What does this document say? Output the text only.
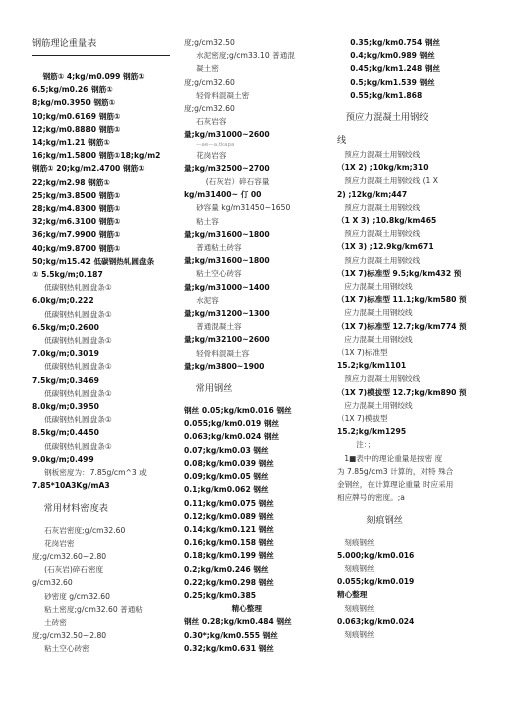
钢筋理论重量表
钢筋① 4;kg/m0.099 钢筋①
6.5;kg/m0.26 钢筋①
8;kg/m0.3950 钢筋①
10;kg/m0.6169 钢筋①
12;kg/m0.8880 钢筋①
14;kg/m1.21 钢筋①
16;kg/m1.5800 钢筋①18;kg/m2
钢筋① 20;kg/m2.4700 钢筋①
22;kg/m2.98 钢筋①
25;kg/m3.8500 钢筋①
28;kg/m4.8300 钢筋①
32;kg/m6.3100 钢筋①
36;kg/m7.9900 钢筋①
40;kg/m9.8700 钢筋①
50;kg/m15.42 低碳钢热轧圆盘条
① 5.5kg/m;0.187
低碳钢热轧圆盘条①
6.0kg/m;0.222
低碳钢热轧圆盘条①
6.5kg/m;0.2600
低碳钢热轧圆盘条①
7.0kg/m;0.3019
低碳钢热轧圆盘条①
7.5kg/m;0.3469
低碳钢热轧圆盘条①
8.0kg/m;0.3950
低碳钢热轧圆盘条①
8.5kg/m;0.4450
低碳钢热轧圆盘条①
9.0kg/m;0.499
钢板密度为：7.85g/cm^3 或
7.85*10A3Kg/mA3
常用材料密度表
石灰岩密度;g/cm32.60
花岗岩密
度;g/cm32.60~2.80
(石灰岩)碎石密度
g/cm32.60
砂密度 g/cm32.60
粘土密度;g/cm32.60 普通粘
土砖密
度;g/cm32.50~2.80
粘土空心砖密
度;g/cm32.50
水泥密度;g/cm33.10 普通混
凝土密
度;g/cm32.60
轻骨料混凝土密
度;g/cm32.60
石灰岩容
量;kg/m31000~2600
—ae—a,tkapa
花岗岩容
量;kg/m32500~2700
(石灰岩）碎石容量
kg/m31400~ 仃 00
砂容量 kg/m31450~1650
粘土容
量;kg/m31600~1800
普通粘土砖容
量;kg/m31600~1800
粘土空心砖容
量;kg/m31000~1400
水泥容
量;kg/m31200~1300
普通混凝土容
量;kg/m32100~2600
轻骨料混凝土容
量;kg/m3800~1900
常用钢丝
钢丝 0.05;kg/km0.016 钢丝
0.055;kg/km0.019 钢丝
0.063;kg/km0.024 钢丝
0.07;kg/km0.03 钢丝
0.08;kg/km0.039 钢丝
0.09;kg/km0.05 钢丝
0.1;kg/km0.062 钢丝
0.11;kg/km0.075 钢丝
0.12;kg/km0.089 钢丝
0.14;kg/km0.121 钢丝
0.16;kg/km0.158 钢丝
0.18;kg/km0.199 钢丝
0.2;kg/km0.246 钢丝
0.22;kg/km0.298 钢丝
0.25;kg/km0.385
精心整理
钢丝 0.28;kg/km0.484 钢丝
0.30*;kg/km0.555 钢丝
0.32;kg/km0.631 钢丝
0.35;kg/km0.754 钢丝
0.4;kg/km0.989 钢丝
0.45;kg/km1.248 钢丝
0.5;kg/km1.539 钢丝
0.55;kg/km1.868
预应力混凝土用钢绞
线
预应力混凝土用钢绞线
（1X 2) ;10kg/km;310
预应力混凝土用钢绞线 (1 X
2) ;12kg/km;447
预应力混凝土用钢绞线
（1 X 3) ;10.8kg/km465
预应力混凝土用钢绞线
（1X 3) ;12.9kg/km671
预应力混凝土用钢绞线
（1X 7)标准型 9.5;kg/km432 预
应力混凝土用钢绞线
（1X 7)标准型 11.1;kg/km580 预
应力混凝土用钢绞线
（1X 7)标准型 12.7;kg/km774 预
应力混凝土用钢绞线
（1X 7)标准型
15.2;kg/km1101
预应力混凝土用钢绞线
（1X 7)模拔型 12.7;kg/km890 预
应力混凝土用钢绞线
（1X 7)模拔型
15.2;kg/km1295
注：；
1■表中的理论重量是按密 度
为 7.85g/cm3 计算的，对特 殊合
金钢丝，在计算理论重量 时应采用
相应牌号的密度。;a
刻痕钢丝
刻痕钢丝
5.000;kg/km0.016
刻痕钢丝
0.055;kg/km0.019
精心整理
刻痕钢丝
0.063;kg/km0.024
刻痕钢丝
